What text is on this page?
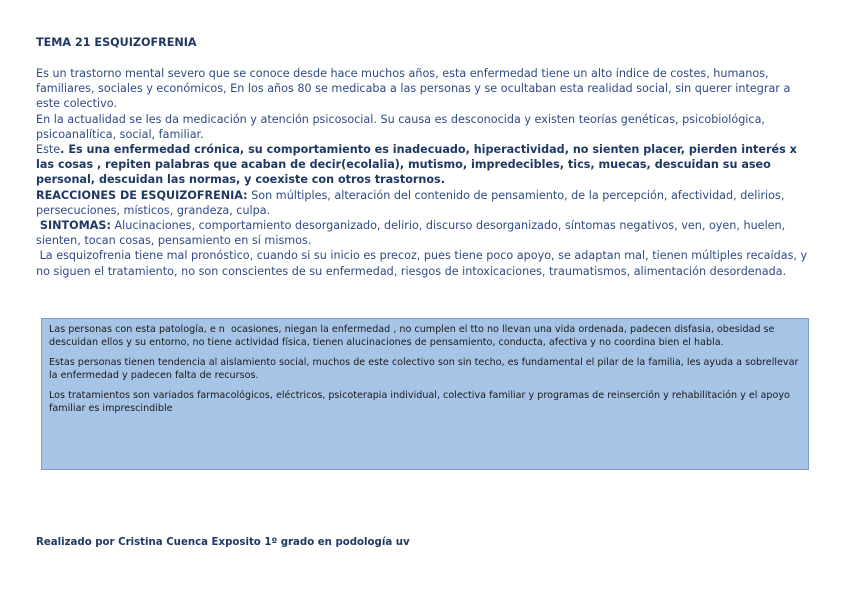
TEMA 21 ESQUIZOFRENIA

Es un trastorno mental severo que se conoce desde hace muchos años, esta enfermedad tiene un alto índice de costes, humanos, familiares, sociales y económicos, En los años 80 se medicaba a las personas y se ocultaban esta realidad social, sin querer integrar a este colectivo.

En la actualidad se les da medicación y atención psicosocial. Su causa es desconocida y existen teorías genéticas, psicobiológica, psicoanalítica, social, familiar.

Este. Es una enfermedad crónica, su comportamiento es inadecuado, hiperactividad, no sienten placer, pierden interés x las cosas , repiten palabras que acaban de decir(ecolalia), mutismo, impredecibles, tics, muecas, descuidan su aseo personal, descuidan las normas, y coexiste con otros trastornos.

REACCIONES DE ESQUIZOFRENIA: Son múltiples, alteración del contenido de pensamiento, de la percepción, afectividad, delirios, persecuciones, místicos, grandeza, culpa.

SINTOMAS: Alucinaciones, comportamiento desorganizado, delirio, discurso desorganizado, síntomas negativos, ven, oyen, huelen, sienten, tocan cosas, pensamiento en sí mismos.

La esquizofrenia tiene mal pronóstico, cuando si su inicio es precoz, pues tiene poco apoyo, se adaptan mal, tienen múltiples recaídas, y no siguen el tratamiento, no son conscientes de su enfermedad, riesgos de intoxicaciones, traumatismos, alimentación desordenada.

Las personas con esta patología, e n  ocasiones, niegan la enfermedad , no cumplen el tto no llevan una vida ordenada, padecen disfasia, obesidad se descuidan ellos y su entorno, no tiene actividad física, tienen alucinaciones de pensamiento, conducta, afectiva y no coordina bien el habla.

Estas personas tienen tendencia al aislamiento social, muchos de este colectivo son sin techo, es fundamental el pilar de la familia, les ayuda a sobrellevar la enfermedad y padecen falta de recursos.

Los tratamientos son variados farmacológicos, eléctricos, psicoterapia individual, colectiva familiar y programas de reinserción y rehabilitación y el apoyo familiar es imprescindible

Realizado por Cristina Cuenca Exposito 1º grado en podología uv
